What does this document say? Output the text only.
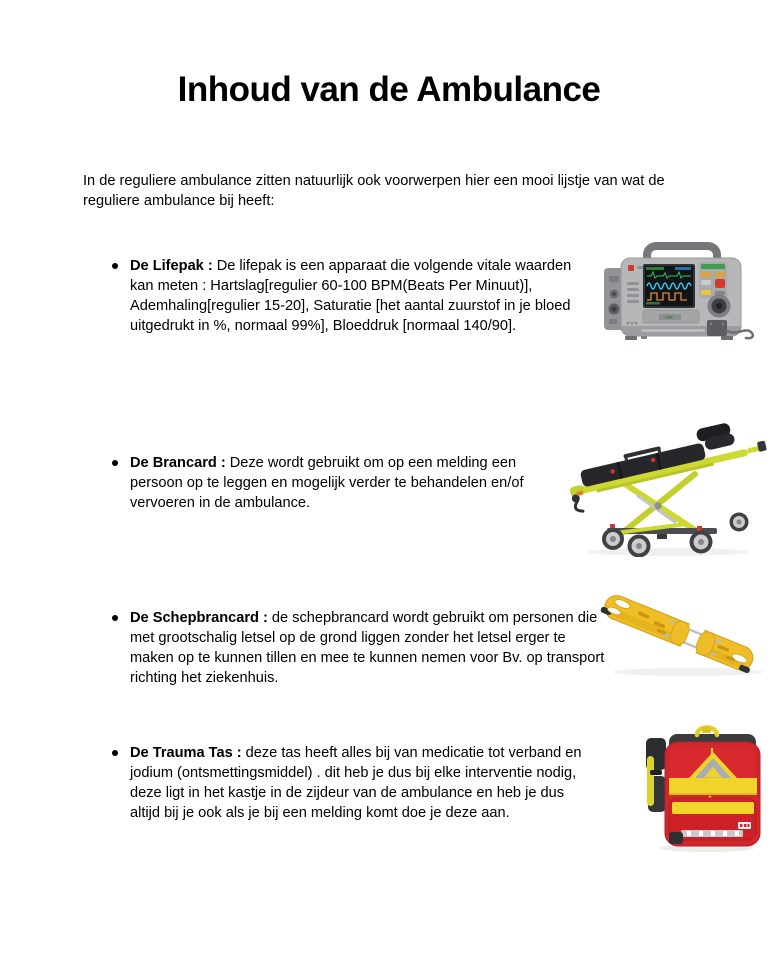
Inhoud van de Ambulance

In de reguliere ambulance zitten natuurlijk ook voorwerpen hier een mooi lijstje van wat de reguliere ambulance bij heeft:

De Lifepak : De lifepak is een apparaat die volgende vitale waarden kan meten : Hartslag[regulier 60-100 BPM(Beats Per Minuut)], Ademhaling[regulier 15-20], Saturatie [het aantal zuurstof in je bloed uitgedrukt in %, normaal 99%], Bloeddruk [normaal 140/90].

De Brancard : Deze wordt gebruikt om op een melding een persoon op te leggen en mogelijk verder te behandelen en/of vervoeren in de ambulance.

De Schepbrancard : de schepbrancard wordt gebruikt om personen die met grootschalig letsel op de grond liggen zonder het letsel erger te maken op te kunnen tillen en mee te kunnen nemen voor Bv. op transport richting het ziekenhuis.

De Trauma Tas : deze tas heeft alles bij van medicatie tot verband en jodium (ontsmettingsmiddel) . dit heb je dus bij elke interventie nodig, deze ligt in het kastje in de zijdeur van de ambulance en heb je dus altijd bij je ook als je bij een melding komt doe je deze aan.
